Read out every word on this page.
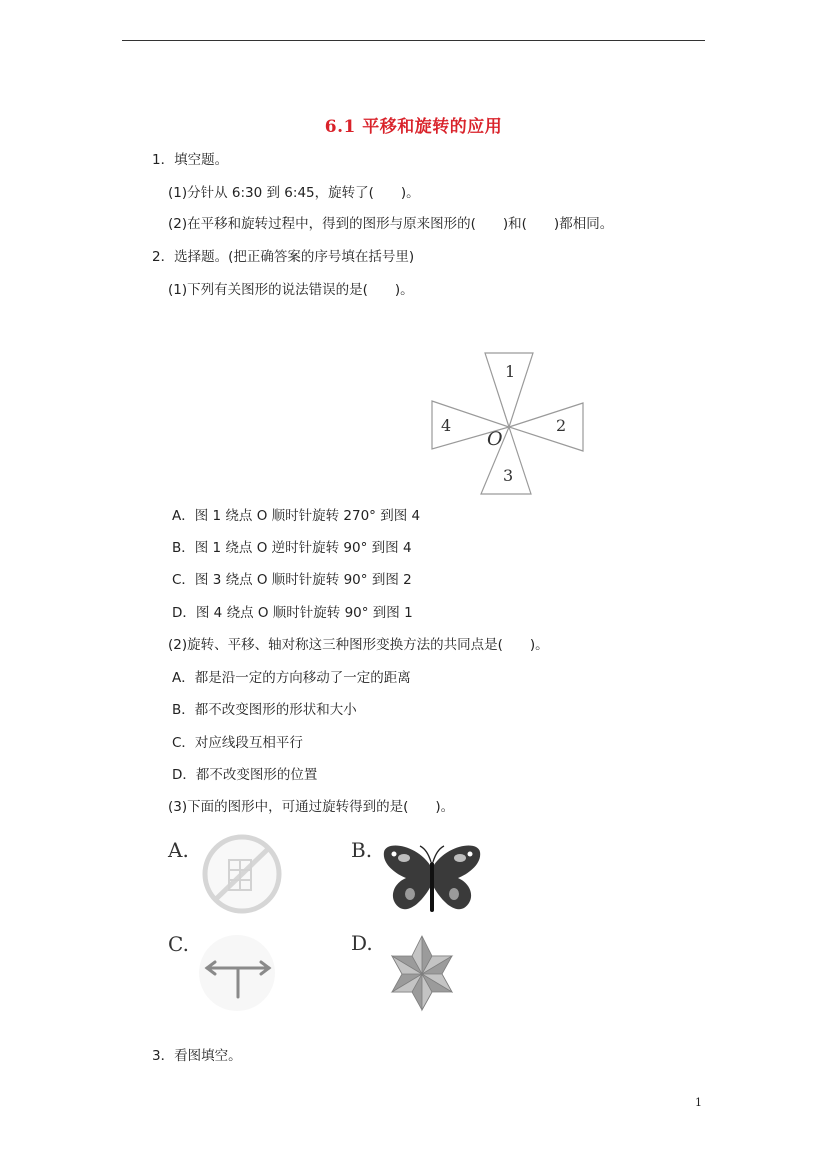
6.1 平移和旋转的应用
1．填空题。
(1)分针从 6:30 到 6:45，旋转了(　　)。
(2)在平移和旋转过程中，得到的图形与原来图形的(　　)和(　　)都相同。
2．选择题。(把正确答案的序号填在括号里)
(1)下列有关图形的说法错误的是(　　)。
1
2
3
4
O
A．图 1 绕点 O 顺时针旋转 270° 到图 4
B．图 1 绕点 O 逆时针旋转 90° 到图 4
C．图 3 绕点 O 顺时针旋转 90° 到图 2
D．图 4 绕点 O 顺时针旋转 90° 到图 1
(2)旋转、平移、轴对称这三种图形变换方法的共同点是(　　)。
A．都是沿一定的方向移动了一定的距离
B．都不改变图形的形状和大小
C．对应线段互相平行
D．都不改变图形的位置
(3)下面的图形中，可通过旋转得到的是(　　)。
A.	B.
C.	D.
3．看图填空。
1
